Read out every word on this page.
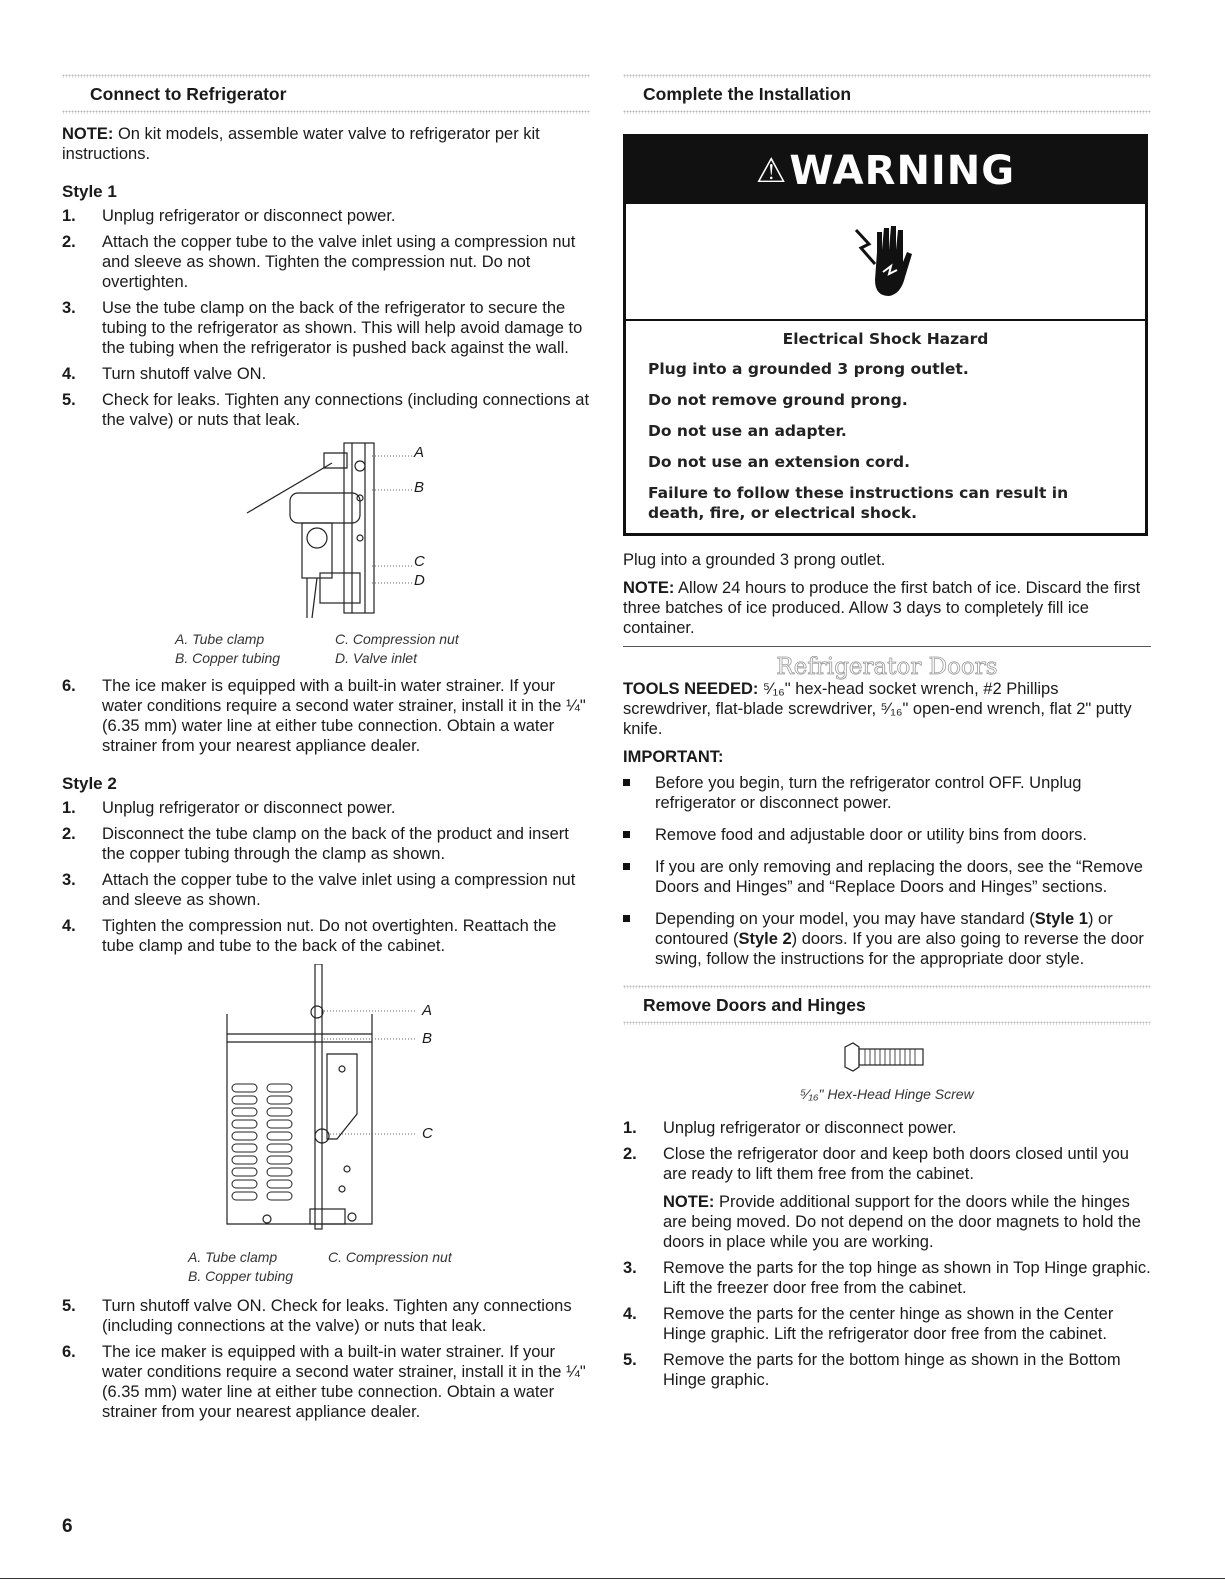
Connect to Refrigerator

NOTE: On kit models, assemble water valve to refrigerator per kit instructions.

Style 1
1. Unplug refrigerator or disconnect power.
2. Attach the copper tube to the valve inlet using a compression nut and sleeve as shown. Tighten the compression nut. Do not overtighten.
3. Use the tube clamp on the back of the refrigerator to secure the tubing to the refrigerator as shown. This will help avoid damage to the tubing when the refrigerator is pushed back against the wall.
4. Turn shutoff valve ON.
5. Check for leaks. Tighten any connections (including connections at the valve) or nuts that leak.
A
B
C
D
A. Tube clamp	C. Compression nut
B. Copper tubing	D. Valve inlet
6. The ice maker is equipped with a built-in water strainer. If your water conditions require a second water strainer, install it in the ¼" (6.35 mm) water line at either tube connection. Obtain a water strainer from your nearest appliance dealer.
Style 2
1. Unplug refrigerator or disconnect power.
2. Disconnect the tube clamp on the back of the product and insert the copper tubing through the clamp as shown.
3. Attach the copper tube to the valve inlet using a compression nut and sleeve as shown.
4. Tighten the compression nut. Do not overtighten. Reattach the tube clamp and tube to the back of the cabinet.
A
B
C
A. Tube clamp	C. Compression nut
B. Copper tubing
5. Turn shutoff valve ON. Check for leaks. Tighten any connections (including connections at the valve) or nuts that leak.
6. The ice maker is equipped with a built-in water strainer. If your water conditions require a second water strainer, install it in the ¼" (6.35 mm) water line at either tube connection. Obtain a water strainer from your nearest appliance dealer.
Complete the Installation
⚠ WARNING
Electrical Shock Hazard
Plug into a grounded 3 prong outlet.
Do not remove ground prong.
Do not use an adapter.
Do not use an extension cord.
Failure to follow these instructions can result in death, fire, or electrical shock.

Plug into a grounded 3 prong outlet.

NOTE: Allow 24 hours to produce the first batch of ice. Discard the first three batches of ice produced. Allow 3 days to completely fill ice container.

Refrigerator Doors

TOOLS NEEDED: ⁵⁄₁₆" hex-head socket wrench, #2 Phillips screwdriver, flat-blade screwdriver, ⁵⁄₁₆" open-end wrench, flat 2" putty knife.

IMPORTANT:

Before you begin, turn the refrigerator control OFF. Unplug refrigerator or disconnect power.
Remove food and adjustable door or utility bins from doors.
If you are only removing and replacing the doors, see the “Remove Doors and Hinges” and “Replace Doors and Hinges” sections.
Depending on your model, you may have standard (Style 1) or contoured (Style 2) doors. If you are also going to reverse the door swing, follow the instructions for the appropriate door style.
Remove Doors and Hinges
⁵⁄₁₆" Hex-Head Hinge Screw
1. Unplug refrigerator or disconnect power.
2. Close the refrigerator door and keep both doors closed until you are ready to lift them free from the cabinet.
NOTE: Provide additional support for the doors while the hinges are being moved. Do not depend on the door magnets to hold the doors in place while you are working.
3. Remove the parts for the top hinge as shown in Top Hinge graphic. Lift the freezer door free from the cabinet.
4. Remove the parts for the center hinge as shown in the Center Hinge graphic. Lift the refrigerator door free from the cabinet.
5. Remove the parts for the bottom hinge as shown in the Bottom Hinge graphic.
6
